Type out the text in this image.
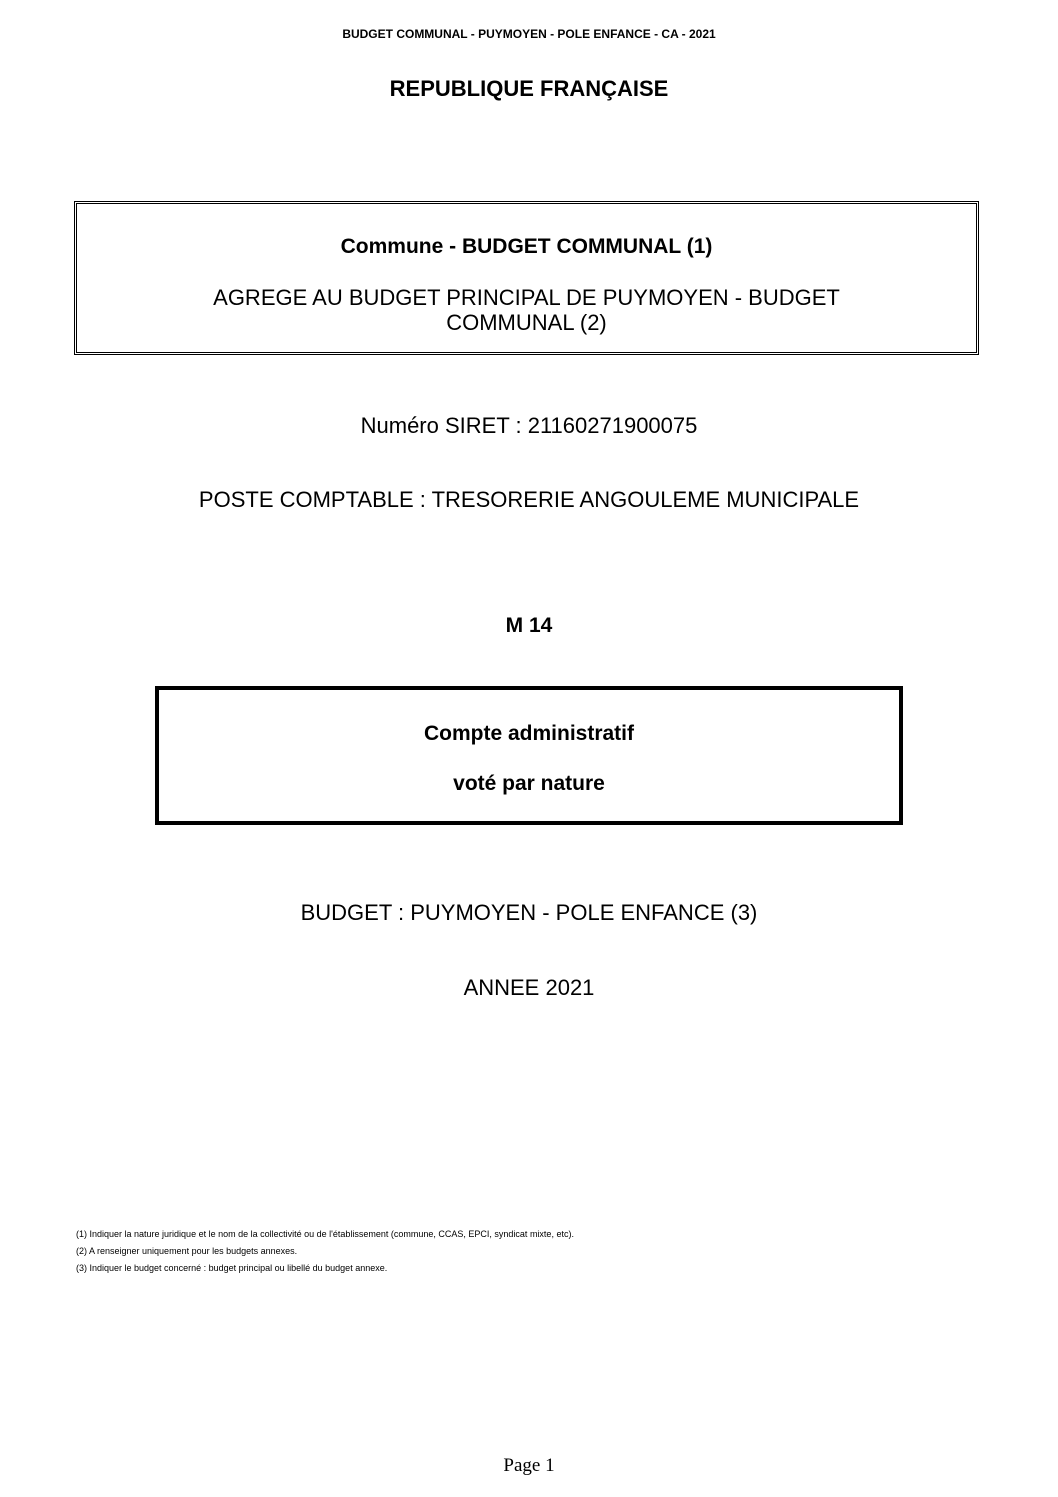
BUDGET COMMUNAL - PUYMOYEN - POLE ENFANCE - CA - 2021
REPUBLIQUE FRANÇAISE
Commune - BUDGET COMMUNAL (1)
AGREGE AU BUDGET PRINCIPAL DE PUYMOYEN - BUDGET
COMMUNAL (2)
Numéro SIRET : 21160271900075
POSTE COMPTABLE : TRESORERIE ANGOULEME MUNICIPALE
M 14
Compte administratif
voté par nature
BUDGET : PUYMOYEN - POLE ENFANCE (3)
ANNEE 2021
(1) Indiquer la nature juridique et le nom de la collectivité ou de l'établissement (commune, CCAS, EPCI, syndicat mixte, etc).
(2) A renseigner uniquement pour les budgets annexes.
(3) Indiquer le budget concerné : budget principal ou libellé du budget annexe.
Page 1
